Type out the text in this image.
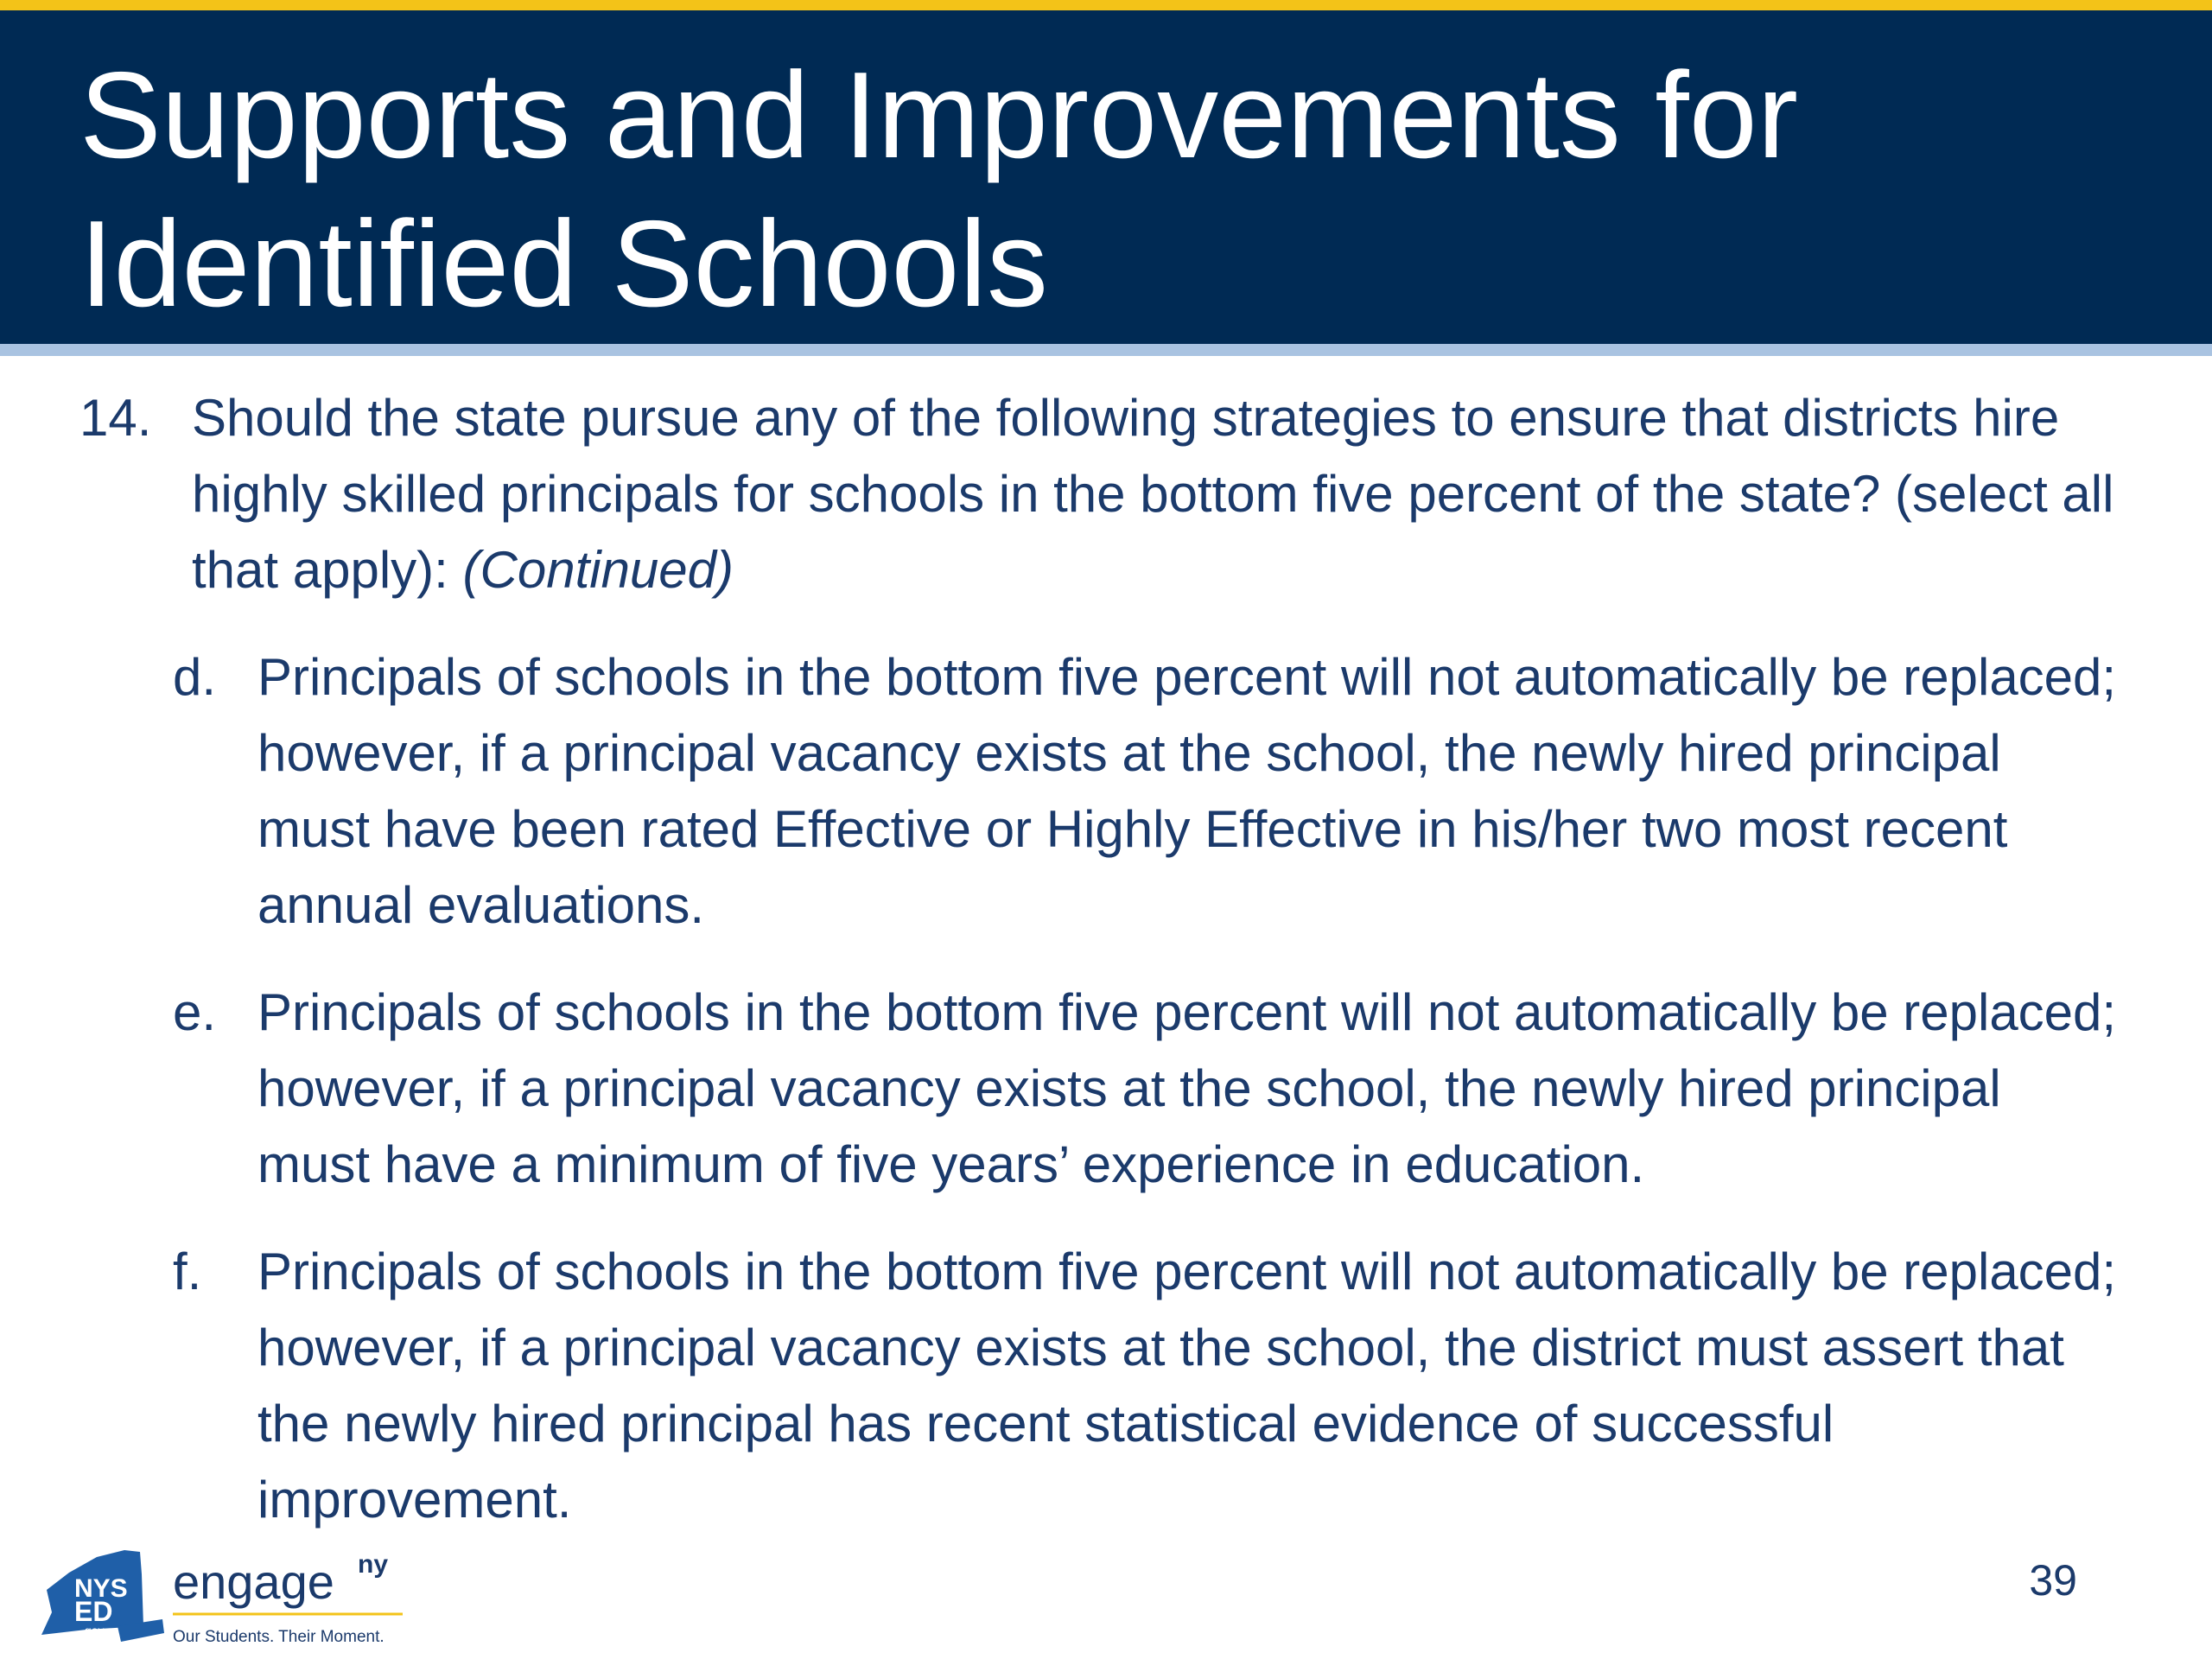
Supports and Improvements for
Identified Schools
14. Should the state pursue any of the following strategies to ensure that districts hire highly skilled principals for schools in the bottom five percent of the state? (select all that apply): (Continued)
d. Principals of schools in the bottom five percent will not automatically be replaced; however, if a principal vacancy exists at the school, the newly hired principal must have been rated Effective or Highly Effective in his/her two most recent annual evaluations.
e. Principals of schools in the bottom five percent will not automatically be replaced; however, if a principal vacancy exists at the school, the newly hired principal must have a minimum of five years’ experience in education.
f. Principals of schools in the bottom five percent will not automatically be replaced; however, if a principal vacancy exists at the school, the district must assert that the newly hired principal has recent statistical evidence of successful improvement.
NYS
ED
.gov
engage ny
Our Students. Their Moment.
39
